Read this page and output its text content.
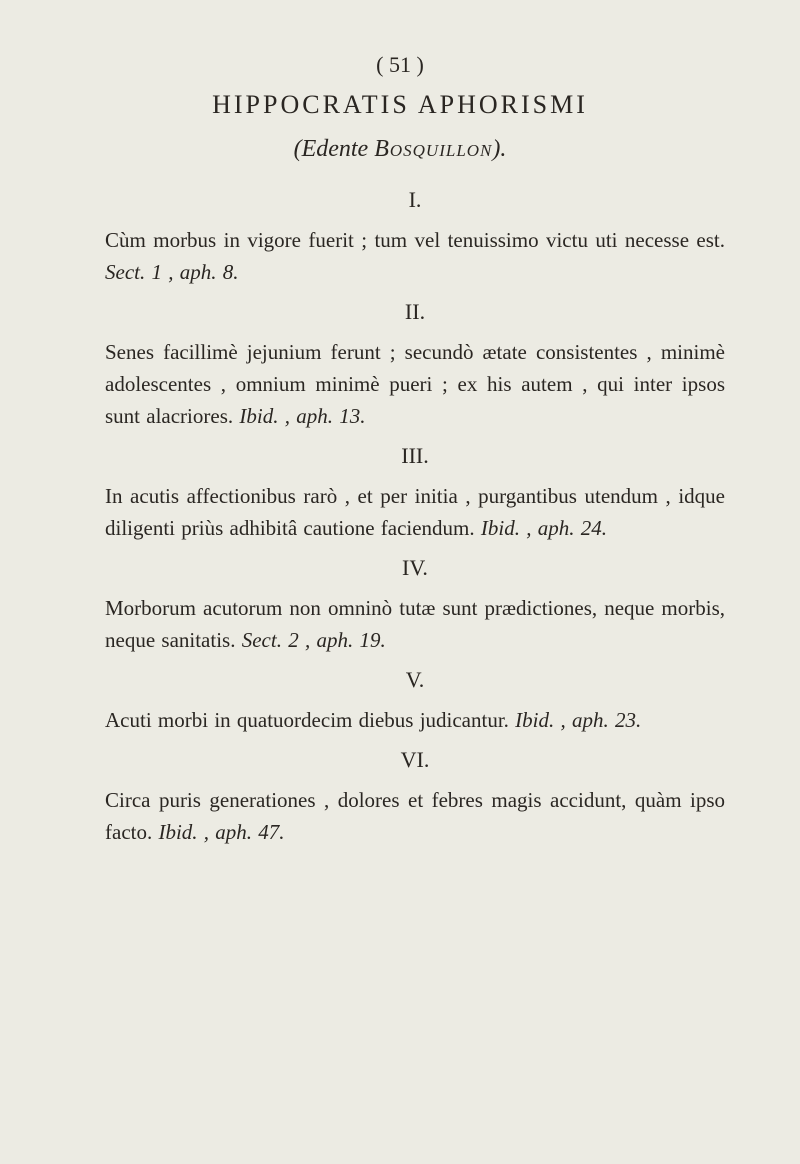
( 51 )
HIPPOCRATIS APHORISMI
(Edente Bosquillon).
I.

Cùm morbus in vigore fuerit ; tum vel tenuissimo victu uti necesse est. Sect. 1 , aph. 8.

II.

Senes facillimè jejunium ferunt ; secundò ætate consistentes , minimè adolescentes , omnium minimè pueri ; ex his autem , qui inter ipsos sunt alacriores. Ibid. , aph. 13.

III.

In acutis affectionibus rarò , et per initia , purgantibus utendum , idque diligenti priùs adhibitâ cautione faciendum. Ibid. , aph. 24.

IV.

Morborum acutorum non omninò tutæ sunt prædictiones, neque morbis, neque sanitatis. Sect. 2 , aph. 19.

V.

Acuti morbi in quatuordecim diebus judicantur. Ibid. , aph. 23.

VI.

Circa puris generationes , dolores et febres magis accidunt, quàm ipso facto. Ibid. , aph. 47.
